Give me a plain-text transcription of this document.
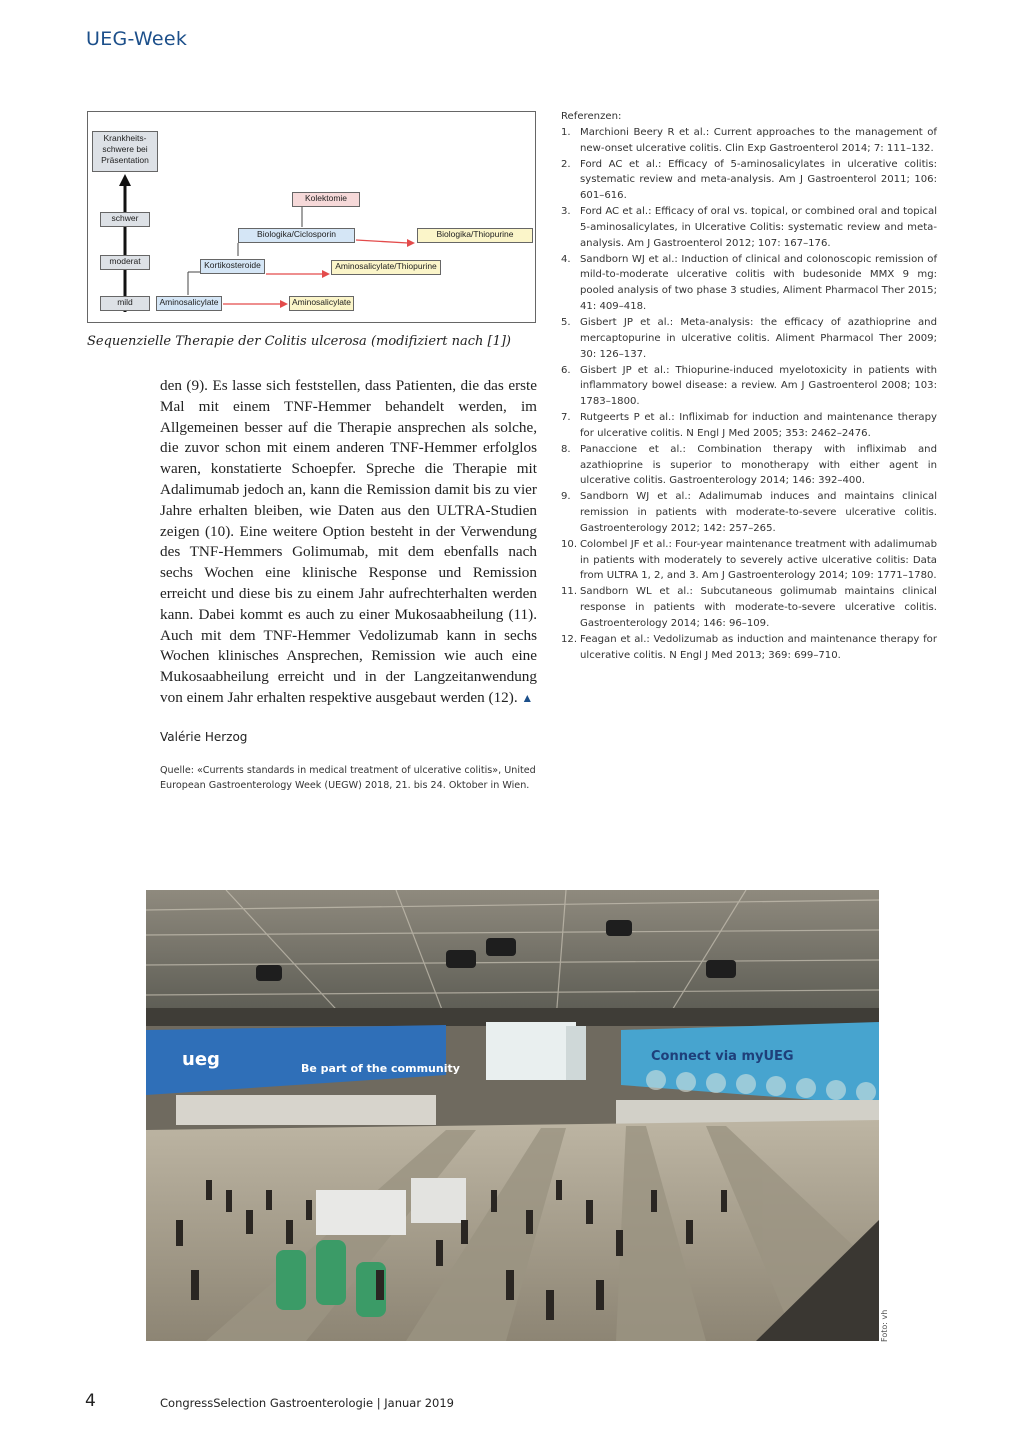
UEG-Week
Krankheits-schwere bei Präsentation
schwer
moderat
mild
Kolektomie
Biologika/Ciclosporin	Biologika/Thiopurine
Kortikosteroide	Aminosalicylate/Thiopurine
Aminosalicylate	Aminosalicylate
Sequenzielle Therapie der Colitis ulcerosa (modifiziert nach [1])

den (9). Es lasse sich feststellen, dass Patienten, die das erste Mal mit einem TNF-Hemmer behandelt werden, im Allgemeinen besser auf die Therapie ansprechen als solche, die zuvor schon mit einem anderen TNF-Hemmer erfolglos waren, konstatierte Schoepfer. Spreche die Therapie mit Adalimumab jedoch an, kann die Remission damit bis zu vier Jahre erhalten bleiben, wie Daten aus den ULTRA-Studien zeigen (10). Eine weitere Option besteht in der Verwendung des TNF-Hemmers Golimumab, mit dem ebenfalls nach sechs Wochen eine klinische Response und Remission erreicht und diese bis zu einem Jahr aufrechterhalten werden kann. Dabei kommt es auch zu einer Mukosaabheilung (11). Auch mit dem TNF-Hemmer Vedolizumab kann in sechs Wochen klinisches Ansprechen, Remission wie auch eine Mukosaabheilung erreicht und in der Langzeitanwendung von einem Jahr erhalten respektive ausgebaut werden (12). ▲

Valérie Herzog

Quelle: «Currents standards in medical treatment of ulcerative colitis», United European Gastroenterology Week (UEGW) 2018, 21. bis 24. Oktober in Wien.

Referenzen:

1. Marchioni Beery R et al.: Current approaches to the management of new-onset ulcerative colitis. Clin Exp Gastroenterol 2014; 7: 111–132.
2. Ford AC et al.: Efficacy of 5-aminosalicylates in ulcerative colitis: systematic review and meta-analysis. Am J Gastroenterol 2011; 106: 601–616.
3. Ford AC et al.: Efficacy of oral vs. topical, or combined oral and topical 5-aminosalicylates, in Ulcerative Colitis: systematic review and meta-analysis. Am J Gastroenterol 2012; 107: 167–176.
4. Sandborn WJ et al.: Induction of clinical and colonoscopic remission of mild-to-moderate ulcerative colitis with budesonide MMX 9 mg: pooled analysis of two phase 3 studies, Aliment Pharmacol Ther 2015; 41: 409–418.
5. Gisbert JP et al.: Meta-analysis: the efficacy of azathioprine and mercaptopurine in ulcerative colitis. Aliment Pharmacol Ther 2009; 30: 126–137.
6. Gisbert JP et al.: Thiopurine-induced myelotoxicity in patients with inflammatory bowel disease: a review. Am J Gastroenterol 2008; 103: 1783–1800.
7. Rutgeerts P et al.: Infliximab for induction and maintenance therapy for ulcerative colitis. N Engl J Med 2005; 353: 2462–2476.
8. Panaccione et al.: Combination therapy with infliximab and azathioprine is superior to monotherapy with either agent in ulcerative colitis. Gastroenterology 2014; 146: 392–400.
9. Sandborn WJ et al.: Adalimumab induces and maintains clinical remission in patients with moderate-to-severe ulcerative colitis. Gastroenterology 2012; 142: 257–265.
10. Colombel JF et al.: Four-year maintenance treatment with adalimumab in patients with moderately to severely active ulcerative colitis: Data from ULTRA 1, 2, and 3. Am J Gastroenterology 2014; 109: 1771–1780.
11. Sandborn WL et al.: Subcutaneous golimumab maintains clinical response in patients with moderate-to-severe ulcerative colitis. Gastroenterology 2014; 146: 96–109.
12. Feagan et al.: Vedolizumab as induction and maintenance therapy for ulcerative colitis. N Engl J Med 2013; 369: 699–710.
ueg	Be part of the community
Connect via myUEG
Foto: vh
4	CongressSelection Gastroenterologie | Januar 2019
